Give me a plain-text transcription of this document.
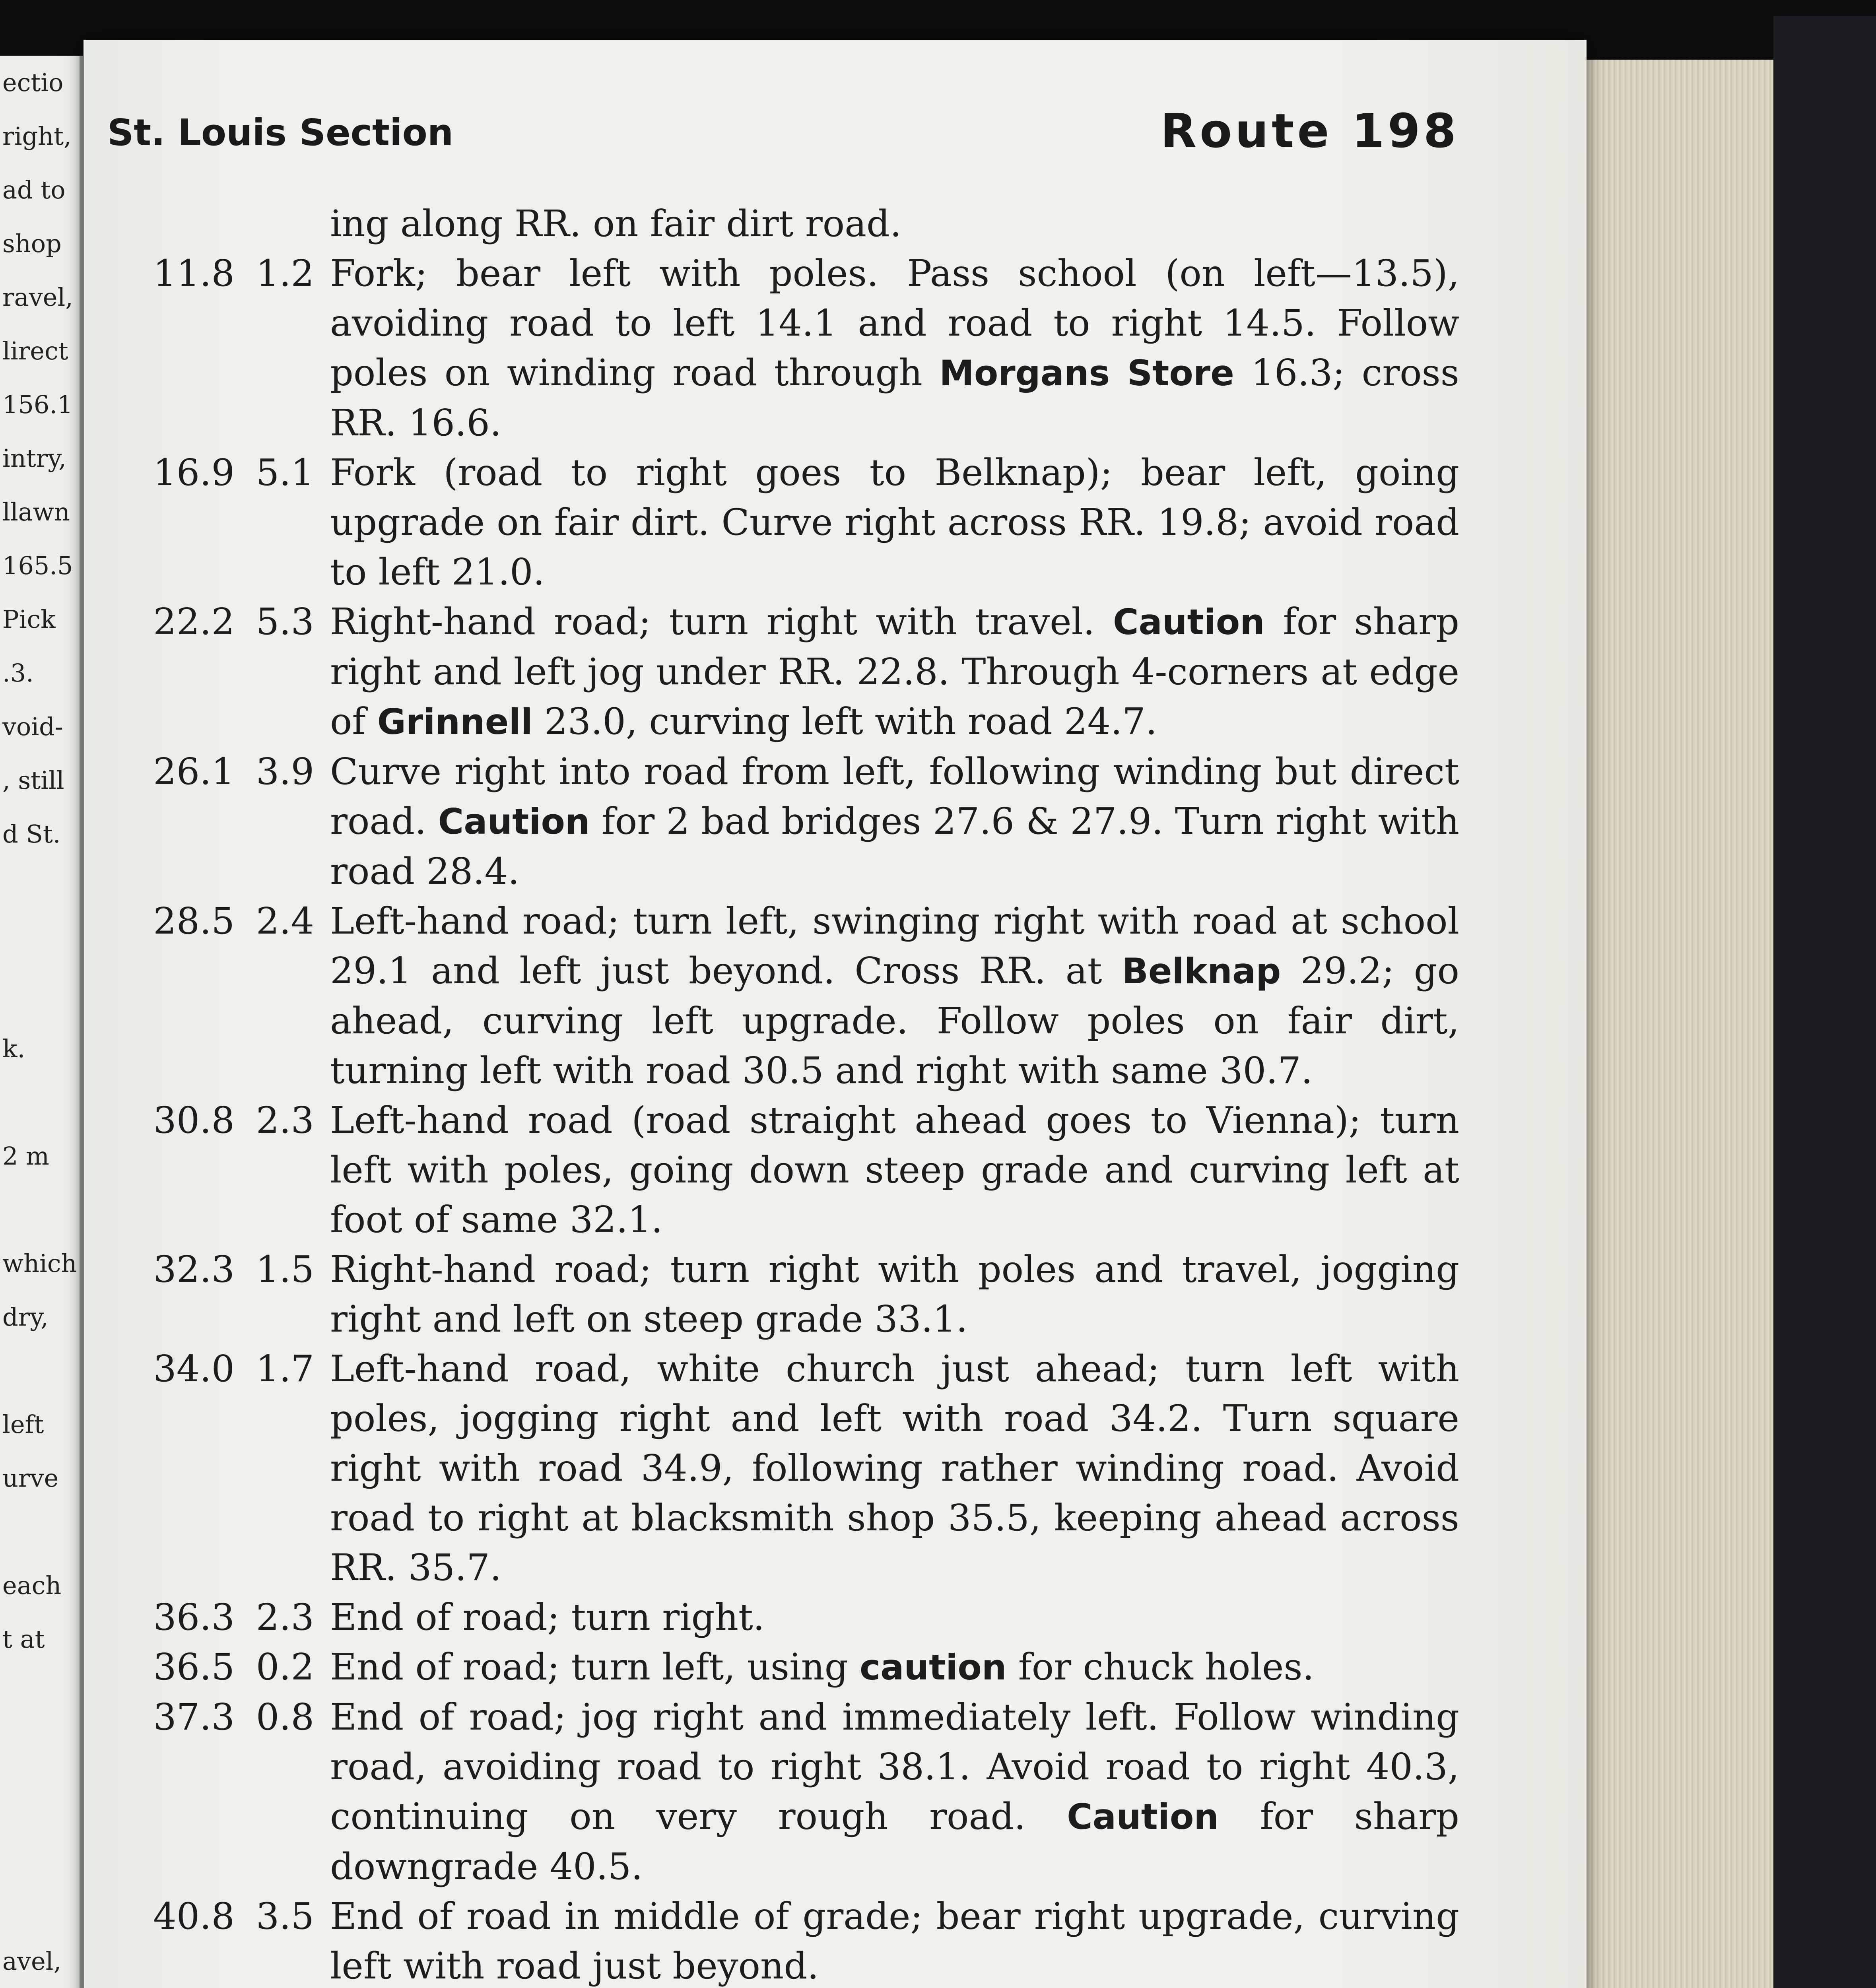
ectio
right,
ad to
shop
ravel,
lirect
156.1
intry,
llawn
165.5
Pick
.3.
void-
, still
d St.

k.

2 m

which
dry,

left
urve

each
t at

avel,

St. Louis Section	Route 198
ing along RR. on fair dirt road.
11.8 1.2 Fork; bear left with poles. Pass school (on left—13.5), avoiding road to left 14.1 and road to right 14.5. Follow poles on winding road through Morgans Store 16.3; cross RR. 16.6.
16.9 5.1 Fork (road to right goes to Belknap); bear left, going upgrade on fair dirt. Curve right across RR. 19.8; avoid road to left 21.0.
22.2 5.3 Right-hand road; turn right with travel. Caution for sharp right and left jog under RR. 22.8. Through 4-corners at edge of Grinnell 23.0, curving left with road 24.7.
26.1 3.9 Curve right into road from left, following winding but direct road. Caution for 2 bad bridges 27.6 & 27.9. Turn right with road 28.4.
28.5 2.4 Left-hand road; turn left, swinging right with road at school 29.1 and left just beyond. Cross RR. at Belknap 29.2; go ahead, curving left upgrade. Follow poles on fair dirt, turning left with road 30.5 and right with same 30.7.
30.8 2.3 Left-hand road (road straight ahead goes to Vienna); turn left with poles, going down steep grade and curving left at foot of same 32.1.
32.3 1.5 Right-hand road; turn right with poles and travel, jogging right and left on steep grade 33.1.
34.0 1.7 Left-hand road, white church just ahead; turn left with poles, jogging right and left with road 34.2. Turn square right with road 34.9, following rather winding road. Avoid road to right at blacksmith shop 35.5, keeping ahead across RR. 35.7.
36.3 2.3 End of road; turn right.
36.5 0.2 End of road; turn left, using caution for chuck holes.
37.3 0.8 End of road; jog right and immediately left. Follow winding road, avoiding road to right 38.1. Avoid road to right 40.3, continuing on very rough road. Caution for sharp downgrade 40.5.
40.8 3.5 End of road in middle of grade; bear right upgrade, curving left with road just beyond.
